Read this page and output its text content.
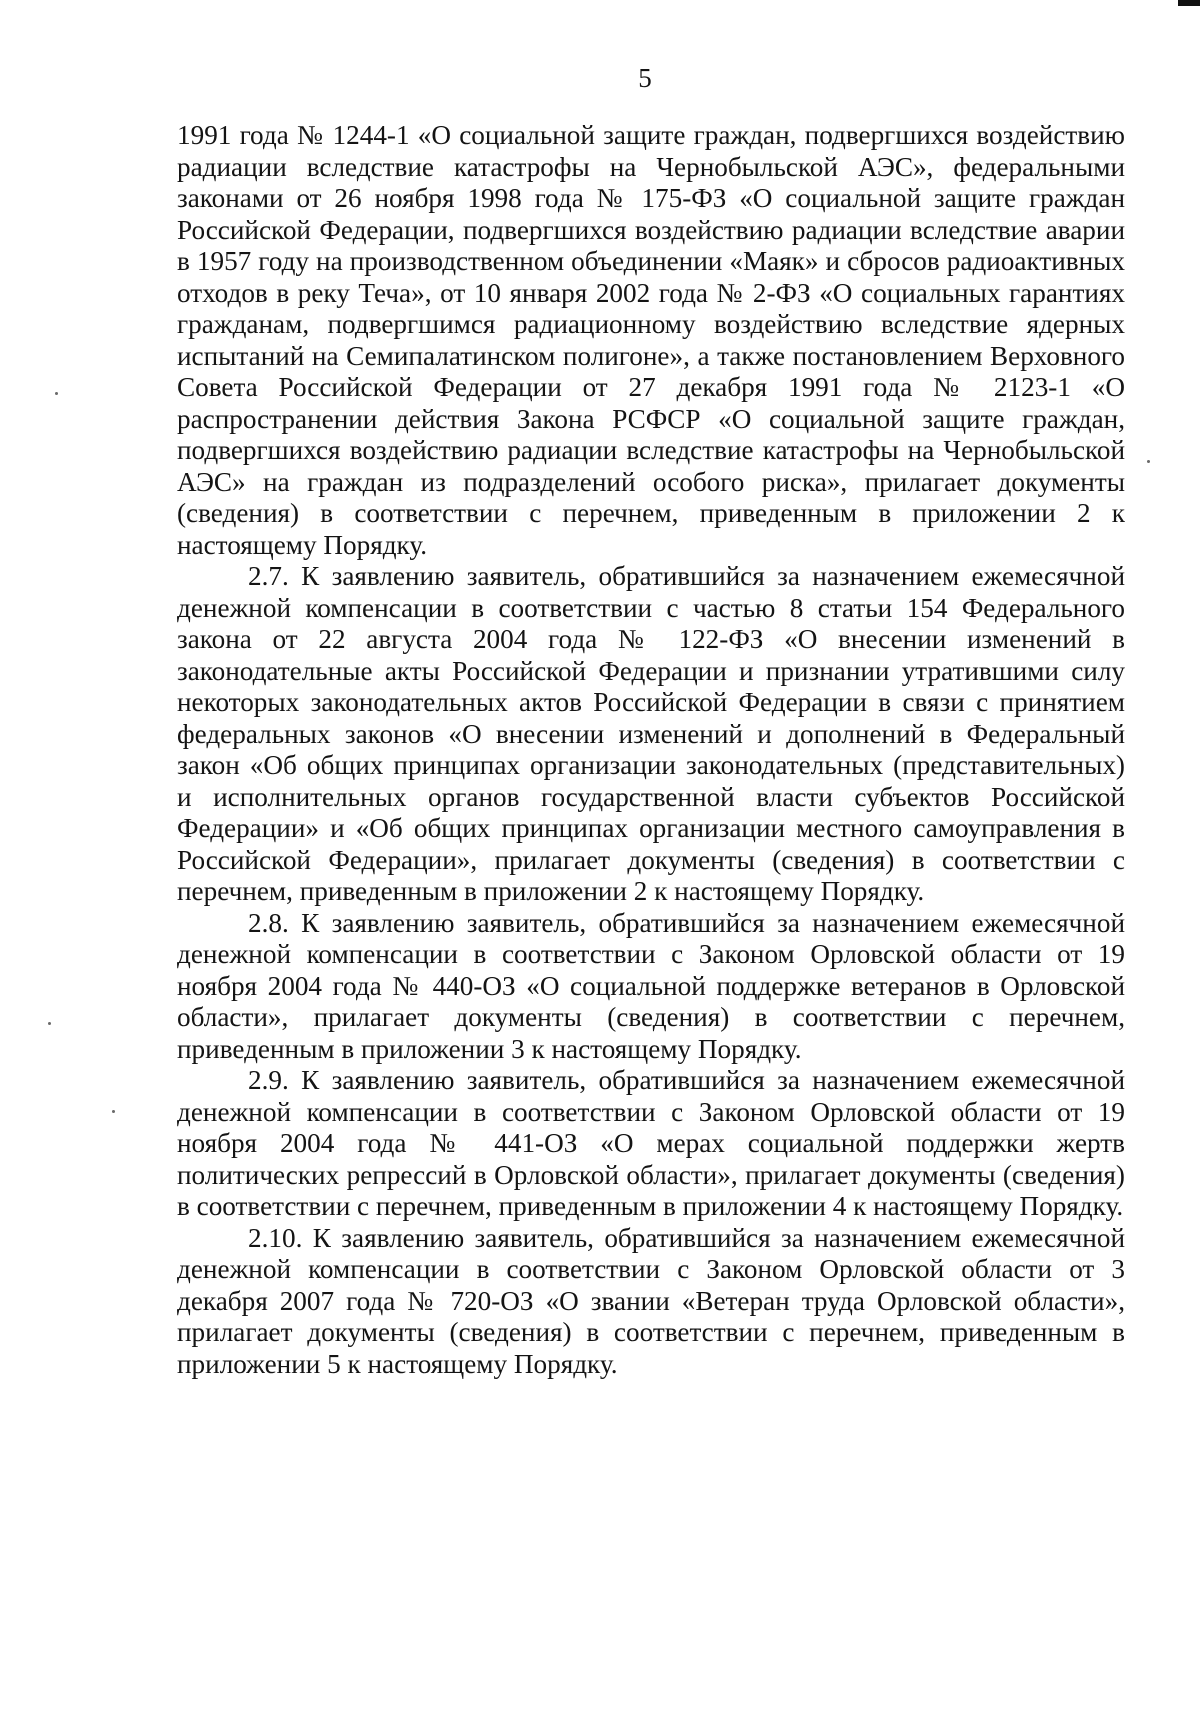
5

1991 года № 1244-1 «О социальной защите граждан, подвергшихся воздействию радиации вследствие катастрофы на Чернобыльской АЭС», федеральными законами от 26 ноября 1998 года № 175-ФЗ «О социальной защите граждан Российской Федерации, подвергшихся воздействию радиации вследствие аварии в 1957 году на производственном объединении «Маяк» и сбросов радиоактивных отходов в реку Теча», от 10 января 2002 года № 2-ФЗ «О социальных гарантиях гражданам, подвергшимся радиационному воздействию вследствие ядерных испытаний на Семипалатинском полигоне», а также постановлением Верховного Совета Российской Федерации от 27 декабря 1991 года № 2123-1 «О распространении действия Закона РСФСР «О социальной защите граждан, подвергшихся воздействию радиации вследствие катастрофы на Чернобыльской АЭС» на граждан из подразделений особого риска», прилагает документы (сведения) в соответствии с перечнем, приведенным в приложении 2 к настоящему Порядку.

2.7. К заявлению заявитель, обратившийся за назначением ежемесячной денежной компенсации в соответствии с частью 8 статьи 154 Федерального закона от 22 августа 2004 года № 122-ФЗ «О внесении изменений в законодательные акты Российской Федерации и признании утратившими силу некоторых законодательных актов Российской Федерации в связи с принятием федеральных законов «О внесении изменений и дополнений в Федеральный закон «Об общих принципах организации законодательных (представительных) и исполнительных органов государственной власти субъектов Российской Федерации» и «Об общих принципах организации местного самоуправления в Российской Федерации», прилагает документы (сведения) в соответствии с перечнем, приведенным в приложении 2 к настоящему Порядку.

2.8. К заявлению заявитель, обратившийся за назначением ежемесячной денежной компенсации в соответствии с Законом Орловской области от 19 ноября 2004 года № 440-ОЗ «О социальной поддержке ветеранов в Орловской области», прилагает документы (сведения) в соответствии с перечнем, приведенным в приложении 3 к настоящему Порядку.

2.9. К заявлению заявитель, обратившийся за назначением ежемесячной денежной компенсации в соответствии с Законом Орловской области от 19 ноября 2004 года № 441-ОЗ «О мерах социальной поддержки жертв политических репрессий в Орловской области», прилагает документы (сведения) в соответствии с перечнем, приведенным в приложении 4 к настоящему Порядку.

2.10. К заявлению заявитель, обратившийся за назначением ежемесячной денежной компенсации в соответствии с Законом Орловской области от 3 декабря 2007 года № 720-ОЗ «О звании «Ветеран труда Орловской области», прилагает документы (сведения) в соответствии с перечнем, приведенным в приложении 5 к настоящему Порядку.
